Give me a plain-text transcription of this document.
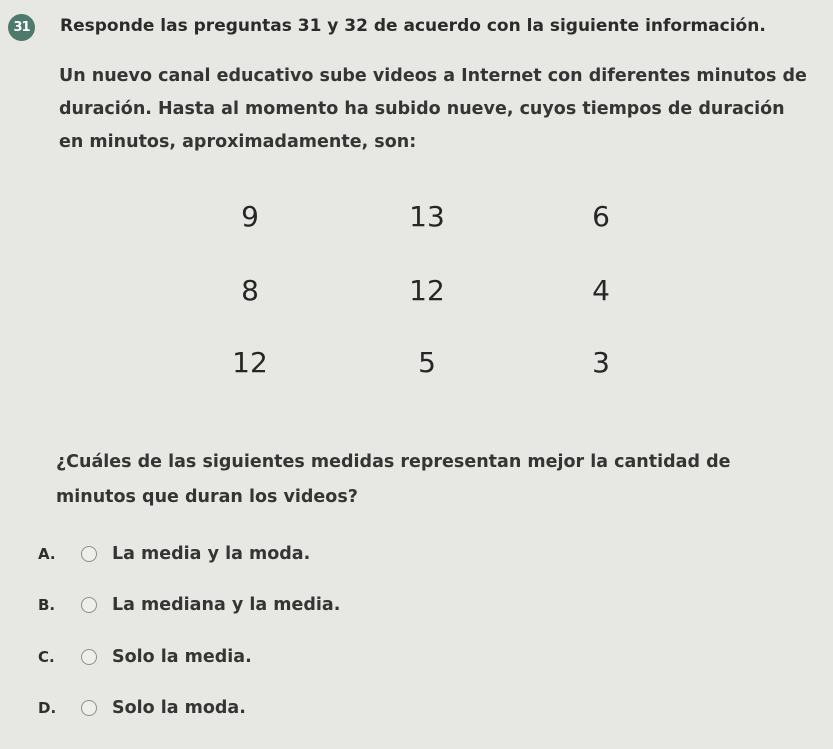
31	Responde las preguntas 31 y 32 de acuerdo con la siguiente información.
Un nuevo canal educativo sube videos a Internet con diferentes minutos de
duración. Hasta al momento ha subido nueve, cuyos tiempos de duración
en minutos, aproximadamente, son:
9	13	6
8	12	4
12	5	3
¿Cuáles de las siguientes medidas representan mejor la cantidad de
minutos que duran los videos?
A.	La media y la moda.
B.	La mediana y la media.
C.	Solo la media.
D.	Solo la moda.
